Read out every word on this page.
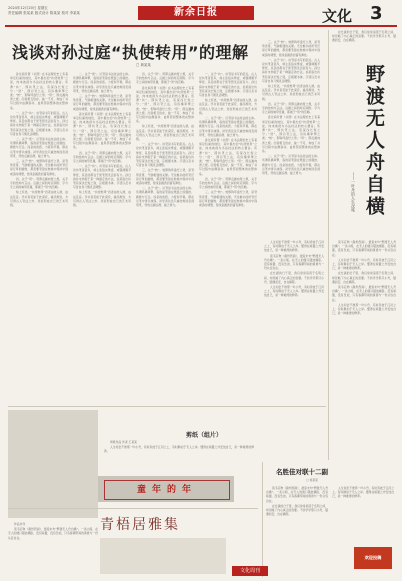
2024年12月20日 星期五
责任编辑 张某某 版式设计 陈某某 校对 李某某	新余日报	文化 3
浅谈对孙过庭“执使转用”的理解
□ 黄某某

孙过庭所著《书谱》在书法理论史上有着举足轻重的地位，其中提出的“执使转用”之说，向来被视为书法技法的核心要旨。所谓“执”，即执笔之法，有深浅长短之分；“使”，即运笔之法，有纵横牵掣之类；“转”，即钩环盘纡之势；“用”，即点画向背之规。四者相互依存，缺一不可，构成了书写过程中由静到动、由局部到整体的完整体系。

一、关于“执”。执笔是书写的起点。古人论执笔者甚多，或主张指实掌虚，或强调腕平掌竖，其目的都在于使笔管灵活而有力。孙过庭并未拘泥于某一种固定的方法，而是指出执笔有深浅长短之别，应根据书体、字径以及书写者自身习惯灵活调整。

二、关于“使”。运笔是书法技法的主体。所谓纵横牵掣，指的是笔锋在纸面上的提按、顿挫与行走。线条的质感、力度和节奏，都在运笔中得以体现。初学者往往只重结构而忽视用笔，导致点画浮滑、缺乏骨力。

三、关于“转”。转即钩环盘纡之势，是笔势连贯、气脉相通的关键。无论楷书的折笔还是行草的圆转，都需要笔锋在转换中保持中锋或适时调整，使线条圆劲而富有弹性。

四、关于“用”。用即点画向背之规，关乎字的结构与章法。点画之间的呼应顾盼、字与字之间的映带连属，都属于“用”的范畴。

综上所述，“执使转用”四者由技入道，由法及意。学书者若能于此深究，循序渐进，方可得古人笔法之妙，进而形成自己的艺术风貌。

二、关于“使”。运笔是书法技法的主体。所谓纵横牵掣，指的是笔锋在纸面上的提按、顿挫与行走。线条的质感、力度和节奏，都在运笔中得以体现。初学者往往只重结构而忽视用笔，导致点画浮滑、缺乏骨力。

三、关于“转”。转即钩环盘纡之势，是笔势连贯、气脉相通的关键。无论楷书的折笔还是行草的圆转，都需要笔锋在转换中保持中锋或适时调整，使线条圆劲而富有弹性。

孙过庭所著《书谱》在书法理论史上有着举足轻重的地位，其中提出的“执使转用”之说，向来被视为书法技法的核心要旨。所谓“执”，即执笔之法，有深浅长短之分；“使”，即运笔之法，有纵横牵掣之类；“转”，即钩环盘纡之势；“用”，即点画向背之规。四者相互依存，缺一不可，构成了书写过程中由静到动、由局部到整体的完整体系。

四、关于“用”。用即点画向背之规，关乎字的结构与章法。点画之间的呼应顾盼、字与字之间的映带连属，都属于“用”的范畴。

一、关于“执”。执笔是书写的起点。古人论执笔者甚多，或主张指实掌虚，或强调腕平掌竖，其目的都在于使笔管灵活而有力。孙过庭并未拘泥于某一种固定的方法，而是指出执笔有深浅长短之别，应根据书体、字径以及书写者自身习惯灵活调整。

综上所述，“执使转用”四者由技入道，由法及意。学书者若能于此深究，循序渐进，方可得古人笔法之妙，进而形成自己的艺术风貌。

四、关于“用”。用即点画向背之规，关乎字的结构与章法。点画之间的呼应顾盼、字与字之间的映带连属，都属于“用”的范畴。

孙过庭所著《书谱》在书法理论史上有着举足轻重的地位，其中提出的“执使转用”之说，向来被视为书法技法的核心要旨。所谓“执”，即执笔之法，有深浅长短之分；“使”，即运笔之法，有纵横牵掣之类；“转”，即钩环盘纡之势；“用”，即点画向背之规。四者相互依存，缺一不可，构成了书写过程中由静到动、由局部到整体的完整体系。

综上所述，“执使转用”四者由技入道，由法及意。学书者若能于此深究，循序渐进，方可得古人笔法之妙，进而形成自己的艺术风貌。

一、关于“执”。执笔是书写的起点。古人论执笔者甚多，或主张指实掌虚，或强调腕平掌竖，其目的都在于使笔管灵活而有力。孙过庭并未拘泥于某一种固定的方法，而是指出执笔有深浅长短之别，应根据书体、字径以及书写者自身习惯灵活调整。

三、关于“转”。转即钩环盘纡之势，是笔势连贯、气脉相通的关键。无论楷书的折笔还是行草的圆转，都需要笔锋在转换中保持中锋或适时调整，使线条圆劲而富有弹性。

二、关于“使”。运笔是书法技法的主体。所谓纵横牵掣，指的是笔锋在纸面上的提按、顿挫与行走。线条的质感、力度和节奏，都在运笔中得以体现。初学者往往只重结构而忽视用笔，导致点画浮滑、缺乏骨力。

一、关于“执”。执笔是书写的起点。古人论执笔者甚多，或主张指实掌虚，或强调腕平掌竖，其目的都在于使笔管灵活而有力。孙过庭并未拘泥于某一种固定的方法，而是指出执笔有深浅长短之别，应根据书体、字径以及书写者自身习惯灵活调整。

综上所述，“执使转用”四者由技入道，由法及意。学书者若能于此深究，循序渐进，方可得古人笔法之妙，进而形成自己的艺术风貌。

二、关于“使”。运笔是书法技法的主体。所谓纵横牵掣，指的是笔锋在纸面上的提按、顿挫与行走。线条的质感、力度和节奏，都在运笔中得以体现。初学者往往只重结构而忽视用笔，导致点画浮滑、缺乏骨力。

孙过庭所著《书谱》在书法理论史上有着举足轻重的地位，其中提出的“执使转用”之说，向来被视为书法技法的核心要旨。所谓“执”，即执笔之法，有深浅长短之分；“使”，即运笔之法，有纵横牵掣之类；“转”，即钩环盘纡之势；“用”，即点画向背之规。四者相互依存，缺一不可，构成了书写过程中由静到动、由局部到整体的完整体系。

四、关于“用”。用即点画向背之规，关乎字的结构与章法。点画之间的呼应顾盼、字与字之间的映带连属，都属于“用”的范畴。

三、关于“转”。转即钩环盘纡之势，是笔势连贯、气脉相通的关键。无论楷书的折笔还是行草的圆转，都需要笔锋在转换中保持中锋或适时调整，使线条圆劲而富有弹性。

三、关于“转”。转即钩环盘纡之势，是笔势连贯、气脉相通的关键。无论楷书的折笔还是行草的圆转，都需要笔锋在转换中保持中锋或适时调整，使线条圆劲而富有弹性。

一、关于“执”。执笔是书写的起点。古人论执笔者甚多，或主张指实掌虚，或强调腕平掌竖，其目的都在于使笔管灵活而有力。孙过庭并未拘泥于某一种固定的方法，而是指出执笔有深浅长短之别，应根据书体、字径以及书写者自身习惯灵活调整。

综上所述，“执使转用”四者由技入道，由法及意。学书者若能于此深究，循序渐进，方可得古人笔法之妙，进而形成自己的艺术风貌。

四、关于“用”。用即点画向背之规，关乎字的结构与章法。点画之间的呼应顾盼、字与字之间的映带连属，都属于“用”的范畴。

孙过庭所著《书谱》在书法理论史上有着举足轻重的地位，其中提出的“执使转用”之说，向来被视为书法技法的核心要旨。所谓“执”，即执笔之法，有深浅长短之分；“使”，即运笔之法，有纵横牵掣之类；“转”，即钩环盘纡之势；“用”，即点画向背之规。四者相互依存，缺一不可，构成了书写过程中由静到动、由局部到整体的完整体系。

二、关于“使”。运笔是书法技法的主体。所谓纵横牵掣，指的是笔锋在纸面上的提按、顿挫与行走。线条的质感、力度和节奏，都在运笔中得以体现。初学者往往只重结构而忽视用笔，导致点画浮滑、缺乏骨力。

在忙碌的日子里，我们常常追逐于名利之间，却忽略了内心真正的需要。不妨学学那只小舟，随遇而安，自在横陈。

野渡无人舟自横
——一叶舟的人生况味

读韦应物《滁州西涧》，最爱末句“野渡无人舟自横”。一条小船，在无人的渡口随波横卧，没有喧嚣，没有急迫，只有春潮带雨的黄昏与一份从容自在。

人生何尝不像那一叶小舟，有时奔波于江河之上，有时静泊于无人之岸。懂得在喧嚣之外安放自己，是一种难得的修养。

在忙碌的日子里，我们常常追逐于名利之间，却忽略了内心真正的需要。不妨学学那只小舟，随遇而安，自在横陈。

读韦应物《滁州西涧》，最爱末句“野渡无人舟自横”。一条小船，在无人的渡口随波横卧，没有喧嚣，没有急迫，只有春潮带雨的黄昏与一份从容自在。

人生何尝不像那一叶小舟，有时奔波于江河之上，有时静泊于无人之岸。懂得在喧嚣之外安放自己，是一种难得的修养。

人生何尝不像那一叶小舟，有时奔波于江河之上，有时静泊于无人之岸。懂得在喧嚣之外安放自己，是一种难得的修养。

读韦应物《滁州西涧》，最爱末句“野渡无人舟自横”。一条小船，在无人的渡口随波横卧，没有喧嚣，没有急迫，只有春潮带雨的黄昏与一份从容自在。

在忙碌的日子里，我们常常追逐于名利之间，却忽略了内心真正的需要。不妨学学那只小舟，随遇而安，自在横陈。

人生何尝不像那一叶小舟，有时奔波于江河之上，有时静泊于无人之岸。懂得在喧嚣之外安放自己，是一种难得的修养。

剪纸（组片）

剪纸作品 作者 王某某

人生何尝不像那一叶小舟，有时奔波于江河之上，有时静泊于无人之岸。懂得在喧嚣之外安放自己，是一种难得的修养。

童年的年
青梧居雅集

作品选刊

读韦应物《滁州西涧》，最爱末句“野渡无人舟自横”。一条小船，在无人的渡口随波横卧，没有喧嚣，没有急迫，只有春潮带雨的黄昏与一份从容自在。

名胜佳对联十二副

□ 刘某某

读韦应物《滁州西涧》，最爱末句“野渡无人舟自横”。一条小船，在无人的渡口随波横卧，没有喧嚣，没有急迫，只有春潮带雨的黄昏与一份从容自在。

在忙碌的日子里，我们常常追逐于名利之间，却忽略了内心真正的需要。不妨学学那只小舟，随遇而安，自在横陈。

人生何尝不像那一叶小舟，有时奔波于江河之上，有时静泊于无人之岸。懂得在喧嚣之外安放自己，是一种难得的修养。

欢迎投稿
文化周刊
